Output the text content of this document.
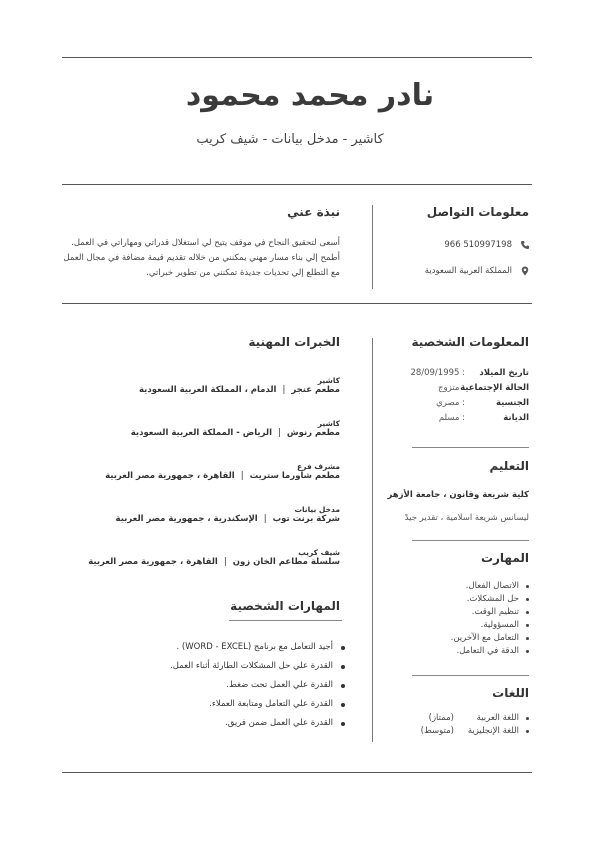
نادر محمد محمود
كاشير - مدخل بيانات - شيف كريب
معلومات التواصل
966 510997198
المملكة العربية السعودية
نبذة عني
أسعى لتحقيق النجاح في موقف يتيح لي استغلال قدراتي ومهاراتي في العمل.
أطمح إلي بناء مسار مهني يمكنني من خلاله تقديم قيمة مضافة في مجال العمل
مع التطلع إلي تحديات جديدة تمكنني من تطوير خبراتي.
المعلومات الشخصية
تاريخ الميلاد
28/09/1995 :
الحالة الإجتماعية
: متزوج
الجنسية
: مصري
الديانة
: مسلم
التعليم
كلية شريعة وقانون ، جامعة الأزهر
ليسانس شريعة اسلامية ، تقدير جيدً
المهارت
الاتصال الفعال.
حل المشكلات.
تنظيم الوقت.
المسؤولية.
التعامل مع الآخرين.
الدقة في التعامل.
اللغات
اللغة العربية
(ممتاز)
اللغة الإنجليزية
(متوسط)
الخبرات المهنية
كاشير
مطعم عنجر|الدمام ، المملكة العربية السعودية
كاشير
مطعم رنوش|الرياض - المملكة العربية السعودية
مشرف فرع
مطعم شاورما ستريت|القاهرة ، جمهورية مصر العربية
مدخل بيانات
شركة برنت توب|الإسكندرية ، جمهورية مصر العربية
شيف كريب
سلسلة مطاعم الخان زون|القاهرة ، جمهورية مصر العربية
المهارات الشخصية
أجيد التعامل مع برنامج (WORD - EXCEL) .
القدرة علي حل المشكلات الطارئة أثناء العمل.
القدرة علي العمل تحت ضغط.
القدرة علي التعامل ومتابعة العملاء.
القدرة علي العمل ضمن فريق.
